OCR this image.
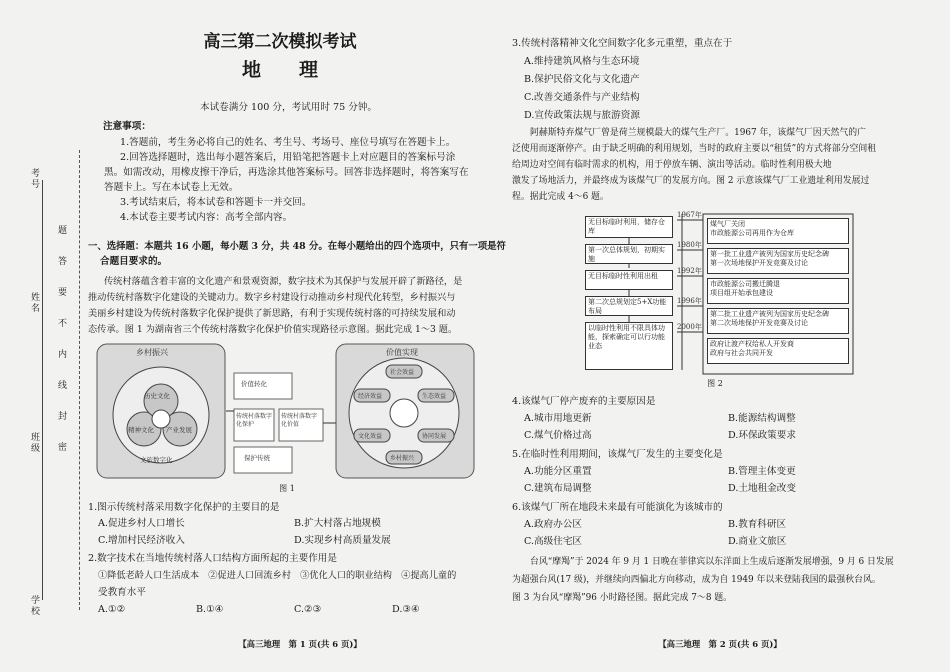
考号
姓名
班级
学校
题
答
要
不
内
线
封
密
高三第二次模拟考试
地　　理
本试卷满分 100 分，考试用时 75 分钟。
注意事项：
1.答题前，考生务必将自己的姓名、考生号、考场号、座位号填写在答题卡上。
2.回答选择题时，选出每小题答案后，用铅笔把答题卡上对应题目的答案标号涂
黑。如需改动，用橡皮擦干净后，再选涂其他答案标号。回答非选择题时，将答案写在
答题卡上。写在本试卷上无效。
3.考试结束后，将本试卷和答题卡一并交回。
4.本试卷主要考试内容：高考全部内容。
一、选择题：本题共 16 小题，每小题 3 分，共 48 分。在每小题给出的四个选项中，只有一项是符
合题目要求的。
传统村落蕴含着丰富的文化遗产和景观资源，数字技术为其保护与发展开辟了新路径，是
推动传统村落数字化建设的关键动力。数字乡村建设行动推动乡村现代化转型，乡村振兴与
美丽乡村建设为传统村落数字化保护提供了新思路，有利于实现传统村落的可持续发展和动
态传承。图 1 为湖南省三个传统村落数字化保护价值实现路径示意图。据此完成 1～3 题。
乡村振兴
历史文化
精神文化 产业发展
文旅数字化
价值转化
传统村落数字化保护
传统村落数字化价值
保护传统
价值实现
社会效益
经济效益	生态效益
文化效益	协同发展
乡村振兴
图 1
1.图示传统村落采用数字化保护的主要目的是
A.促进乡村人口增长	B.扩大村落占地规模
C.增加村民经济收入	D.实现乡村高质量发展
2.数字技术在当地传统村落人口结构方面所起的主要作用是
①降低老龄人口生活成本　②促进人口回流乡村　③优化人口的职业结构　④提高儿童的
受教育水平
A.①②	B.①④	C.②③	D.③④
【高三地理　第 1 页(共 6 页)】
3.传统村落精神文化空间数字化多元重塑，重点在于
A.维持建筑风格与生态环境
B.保护民俗文化与文化遗产
C.改善交通条件与产业结构
D.宣传政策法规与旅游资源
阿赫斯特弃煤气厂曾是荷兰规模最大的煤气生产厂。1967 年，该煤气厂因天然气的广
泛使用而逐渐停产。由于缺乏明确的利用规划，当时的政府主要以“租赁”的方式将部分空间租
给周边对空间有临时需求的机构，用于停放车辆、演出等活动。临时性利用极大地
激发了场地活力，并最终成为该煤气厂的发展方向。图 2 示意该煤气厂工业遗址利用发展过
程。据此完成 4～6 题。
无目标临时利用，储存仓库
第一次总体规划，初期实施
无目标临时性利用出租
第二次总规划定5+X功能布局
以临时性利用不限具体功能，探索确定可以行功能业态
1967年
1980年
1992年
1996年
2000年
煤气厂关闭
市政能源公司再用作为仓库
第一批工业遗产被列为国家历史纪念碑
第一次场地保护开发竞赛及讨论
市政能源公司搬迁腾退
项目组开始承包建设
第二批工业遗产被列为国家历史纪念碑
第二次场地保护开发竞赛及讨论
政府让渡产权给私人开发商
政府与社会共同开发
图 2
4.该煤气厂停产废弃的主要原因是
A.城市用地更新	B.能源结构调整
C.煤气价格过高	D.环保政策要求
5.在临时性利用期间，该煤气厂发生的主要变化是
A.功能分区重置	B.管理主体变更
C.建筑布局调整	D.土地租金改变
6.该煤气厂所在地段未来最有可能演化为该城市的
A.政府办公区	B.教育科研区
C.高级住宅区	D.商业文旅区
台风“摩羯”于 2024 年 9 月 1 日晚在菲律宾以东洋面上生成后逐渐发展增强，9 月 6 日发展
为超强台风(17 级)，并继续向西偏北方向移动，成为自 1949 年以来登陆我国的最强秋台风。
图 3 为台风“摩羯”96 小时路径图。据此完成 7～8 题。
【高三地理　第 2 页(共 6 页)】
